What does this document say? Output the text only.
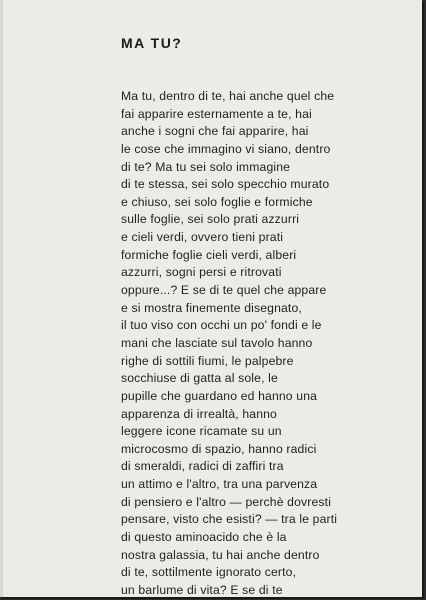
MA TU?
Ma tu, dentro di te, hai anche quel che
fai apparire esternamente a te, hai
anche i sogni che fai apparire, hai
le cose che immagino vi siano, dentro
di te? Ma tu sei solo immagine
di te stessa, sei solo specchio murato
e chiuso, sei solo foglie e formiche
sulle foglie, sei solo prati azzurri
e cieli verdi, ovvero tieni prati
formiche foglie cieli verdi, alberi
azzurri, sogni persi e ritrovati
oppure...? E se di te quel che appare
e si mostra finemente disegnato,
il tuo viso con occhi un po' fondi e le
mani che lasciate sul tavolo hanno
righe di sottili fiumi, le palpebre
socchiuse di gatta al sole, le
pupille che guardano ed hanno una
apparenza di irrealtà, hanno
leggere icone ricamate su un
microcosmo di spazio, hanno radici
di smeraldi, radici di zaffiri tra
un attimo e l'altro, tra una parvenza
di pensiero e l'altro — perchè dovresti
pensare, visto che esisti? — tra le parti
di questo aminoacido che è la
nostra galassia, tu hai anche dentro
di te, sottilmente ignorato certo,
un barlume di vita? E se di te
